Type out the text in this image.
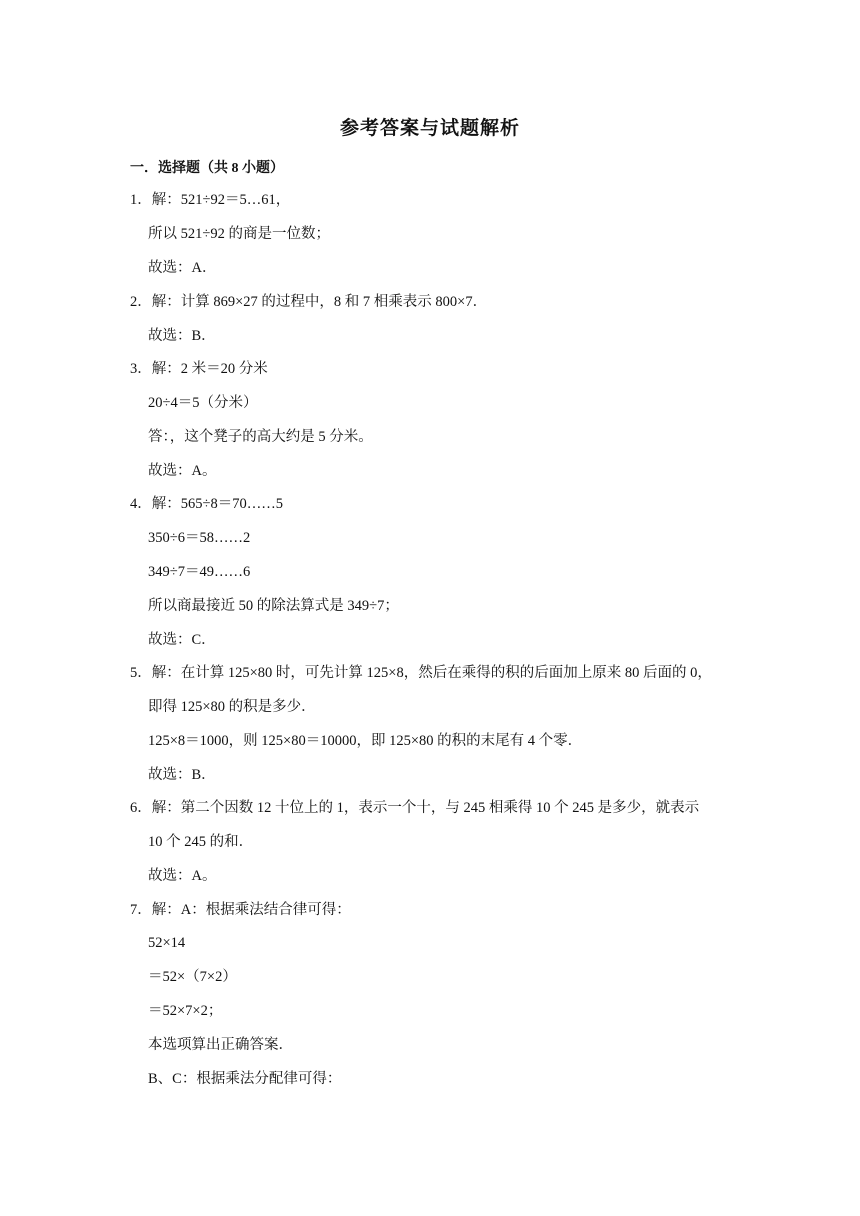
参考答案与试题解析
一．选择题（共 8 小题）
1．解：521÷92＝5…61，
所以 521÷92 的商是一位数；
故选：A．
2．解：计算 869×27 的过程中，8 和 7 相乘表示 800×7．
故选：B．
3．解：2 米＝20 分米
20÷4＝5（分米）
答：，这个凳子的高大约是 5 分米。
故选：A。
4．解：565÷8＝70……5
350÷6＝58……2
349÷7＝49……6
所以商最接近 50 的除法算式是 349÷7；
故选：C．
5．解：在计算 125×80 时，可先计算 125×8，然后在乘得的积的后面加上原来 80 后面的 0，
即得 125×80 的积是多少．
125×8＝1000，则 125×80＝10000，即 125×80 的积的末尾有 4 个零．
故选：B．
6．解：第二个因数 12 十位上的 1，表示一个十，与 245 相乘得 10 个 245 是多少，就表示
10 个 245 的和．
故选：A。
7．解：A：根据乘法结合律可得：
52×14
＝52×（7×2）
＝52×7×2；
本选项算出正确答案．
B、C：根据乘法分配律可得：
